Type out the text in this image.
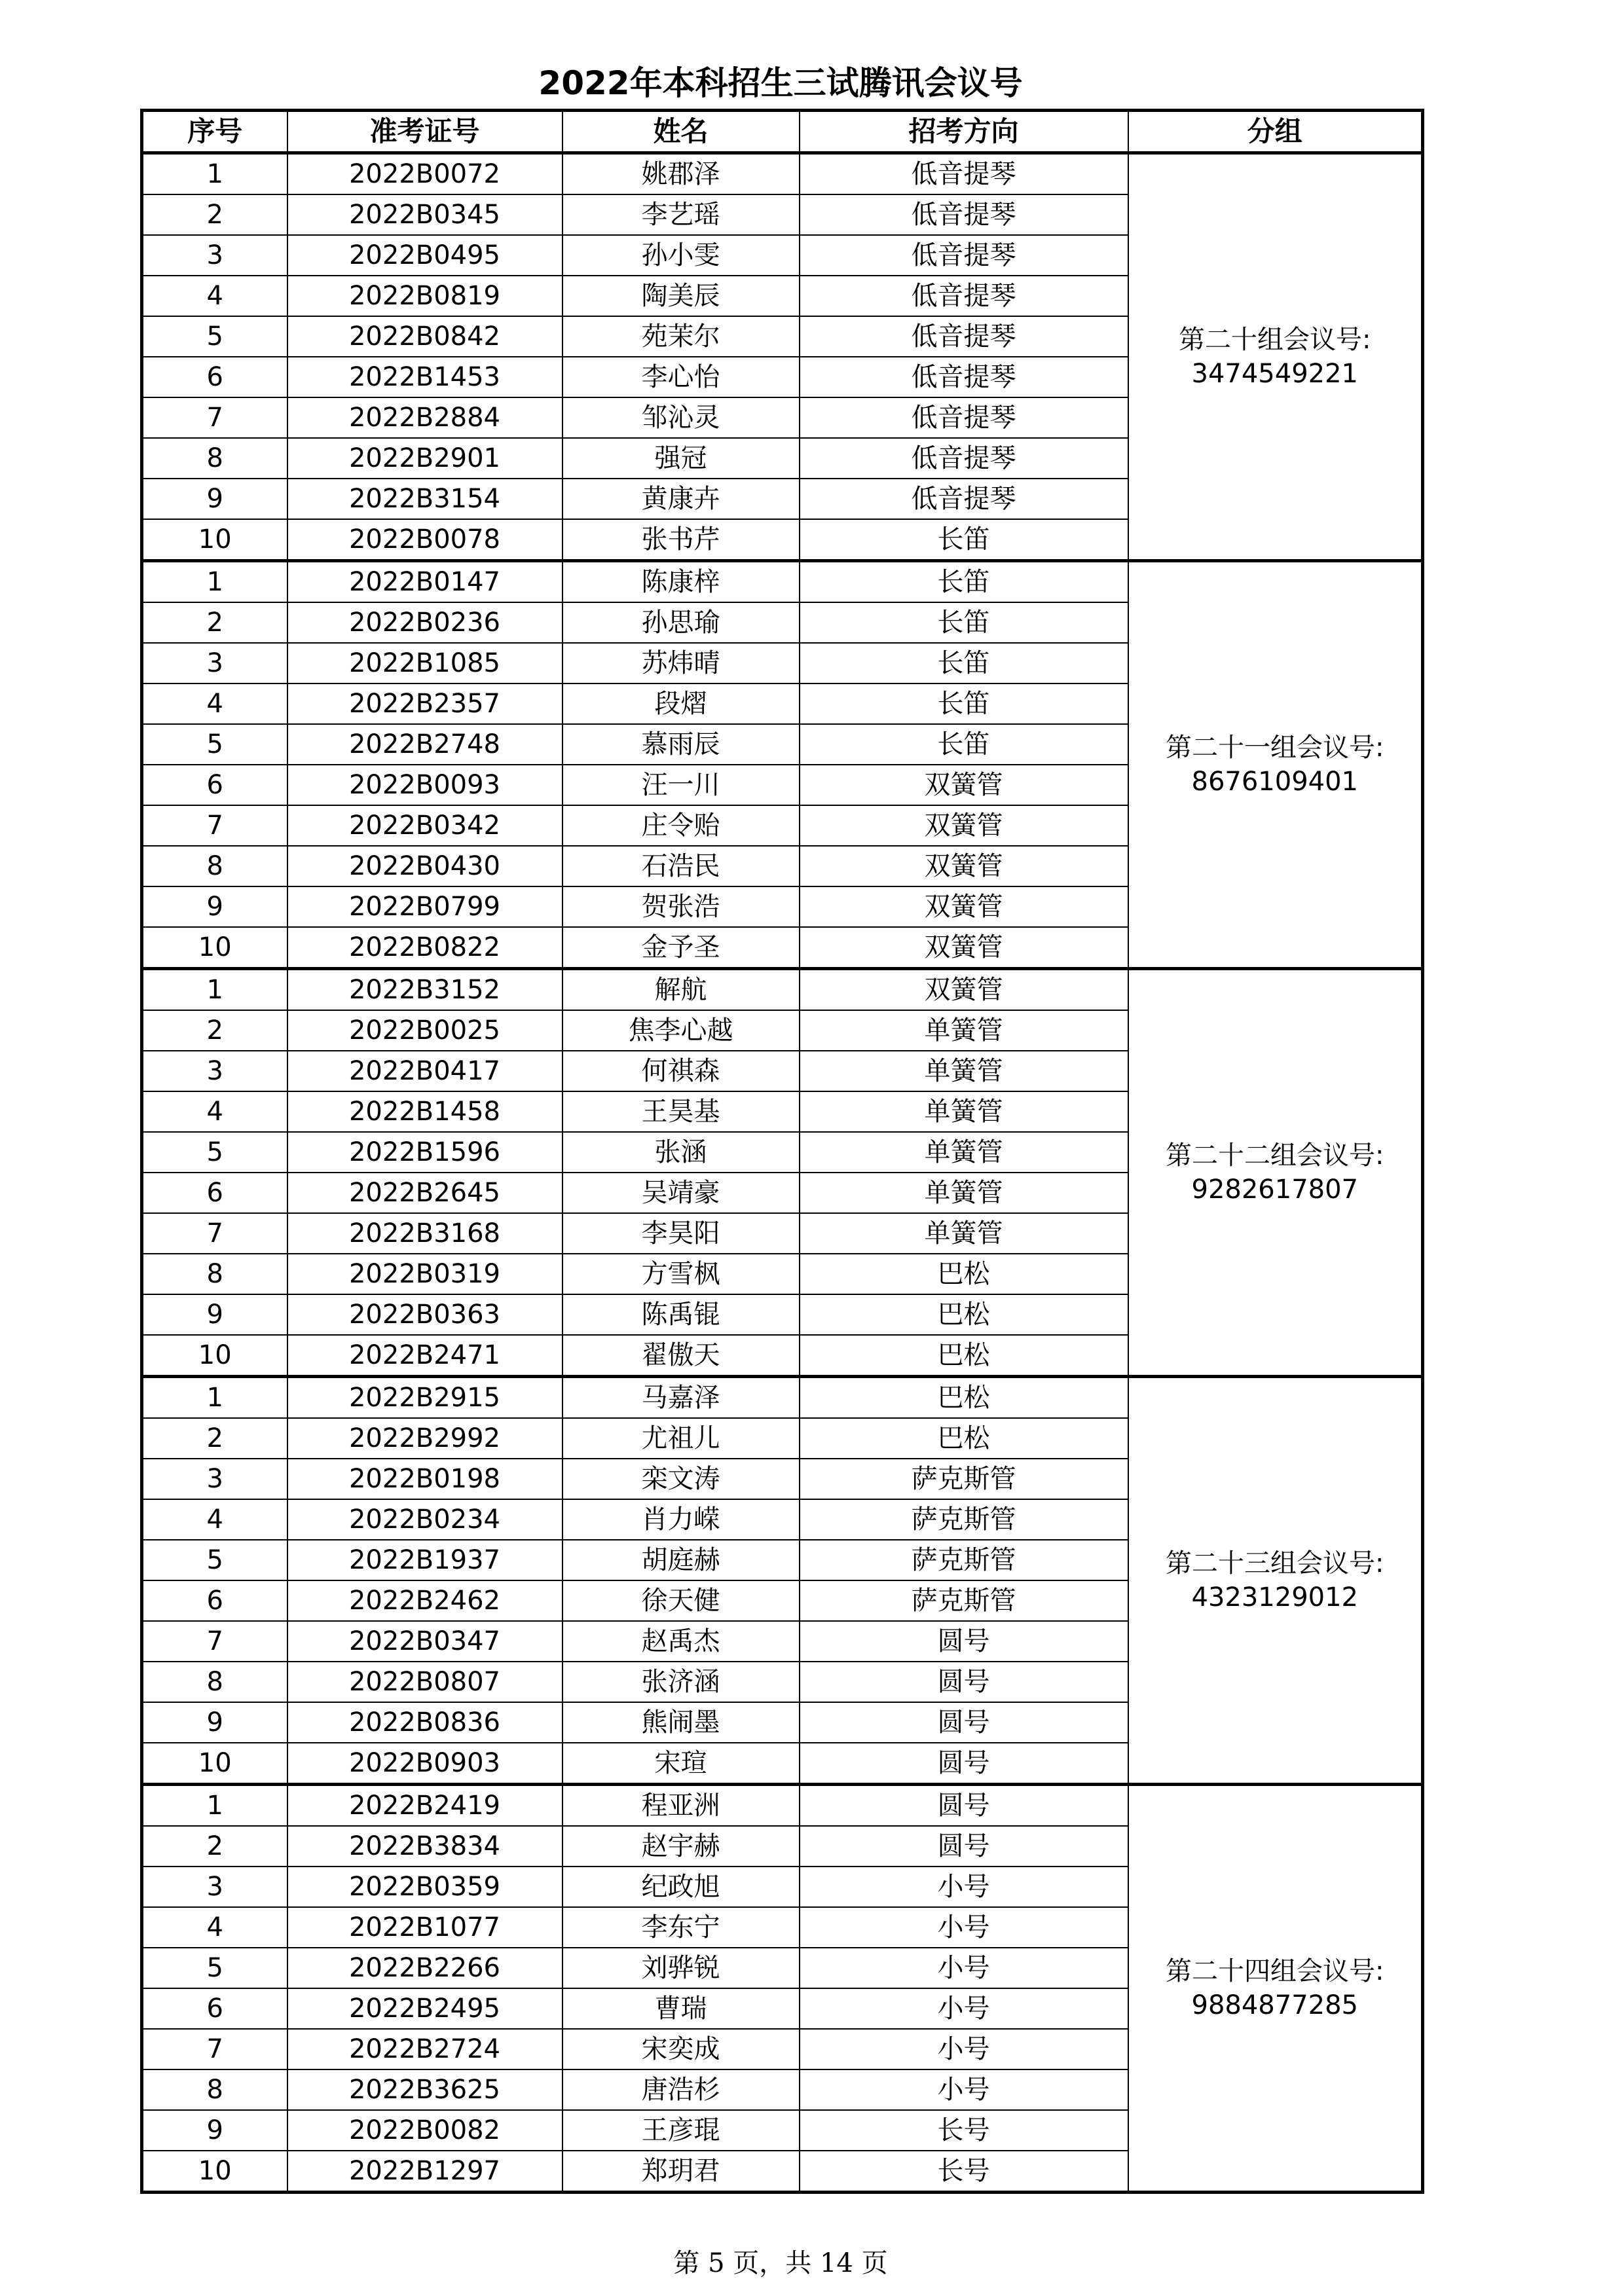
2022年本科招生三试腾讯会议号
序号	准考证号	姓名	招考方向	分组
1	2022B0072	姚郡泽	低音提琴	第二十组会议号:
3474549221

2	2022B0345	李艺瑶	低音提琴	
3	2022B0495	孙小雯	低音提琴	
4	2022B0819	陶美辰	低音提琴	
5	2022B0842	苑茉尔	低音提琴	
6	2022B1453	李心怡	低音提琴	
7	2022B2884	邹沁灵	低音提琴	
8	2022B2901	强冠	低音提琴	
9	2022B3154	黄康卉	低音提琴	
10	2022B0078	张书芹	长笛	
1	2022B0147	陈康梓	长笛	第二十一组会议号:
8676109401

2	2022B0236	孙思瑜	长笛	
3	2022B1085	苏炜晴	长笛	
4	2022B2357	段熠	长笛	
5	2022B2748	慕雨辰	长笛	
6	2022B0093	汪一川	双簧管	
7	2022B0342	庄令贻	双簧管	
8	2022B0430	石浩民	双簧管	
9	2022B0799	贺张浩	双簧管	
10	2022B0822	金予圣	双簧管	
1	2022B3152	解航	双簧管	第二十二组会议号:
9282617807

2	2022B0025	焦李心越	单簧管	
3	2022B0417	何祺森	单簧管	
4	2022B1458	王昊基	单簧管	
5	2022B1596	张涵	单簧管	
6	2022B2645	吴靖豪	单簧管	
7	2022B3168	李昊阳	单簧管	
8	2022B0319	方雪枫	巴松	
9	2022B0363	陈禹锟	巴松	
10	2022B2471	翟傲天	巴松	
1	2022B2915	马嘉泽	巴松	第二十三组会议号:
4323129012

2	2022B2992	尤祖儿	巴松	
3	2022B0198	栾文涛	萨克斯管	
4	2022B0234	肖力嵘	萨克斯管	
5	2022B1937	胡庭赫	萨克斯管	
6	2022B2462	徐天健	萨克斯管	
7	2022B0347	赵禹杰	圆号	
8	2022B0807	张济涵	圆号	
9	2022B0836	熊闹墨	圆号	
10	2022B0903	宋瑄	圆号	
1	2022B2419	程亚洲	圆号	第二十四组会议号:
9884877285

2	2022B3834	赵宇赫	圆号	
3	2022B0359	纪政旭	小号	
4	2022B1077	李东宁	小号	
5	2022B2266	刘骅锐	小号	
6	2022B2495	曹瑞	小号	
7	2022B2724	宋奕成	小号	
8	2022B3625	唐浩杉	小号	
9	2022B0082	王彦琨	长号	
10	2022B1297	郑玥君	长号	
第 5 页，共 14 页
